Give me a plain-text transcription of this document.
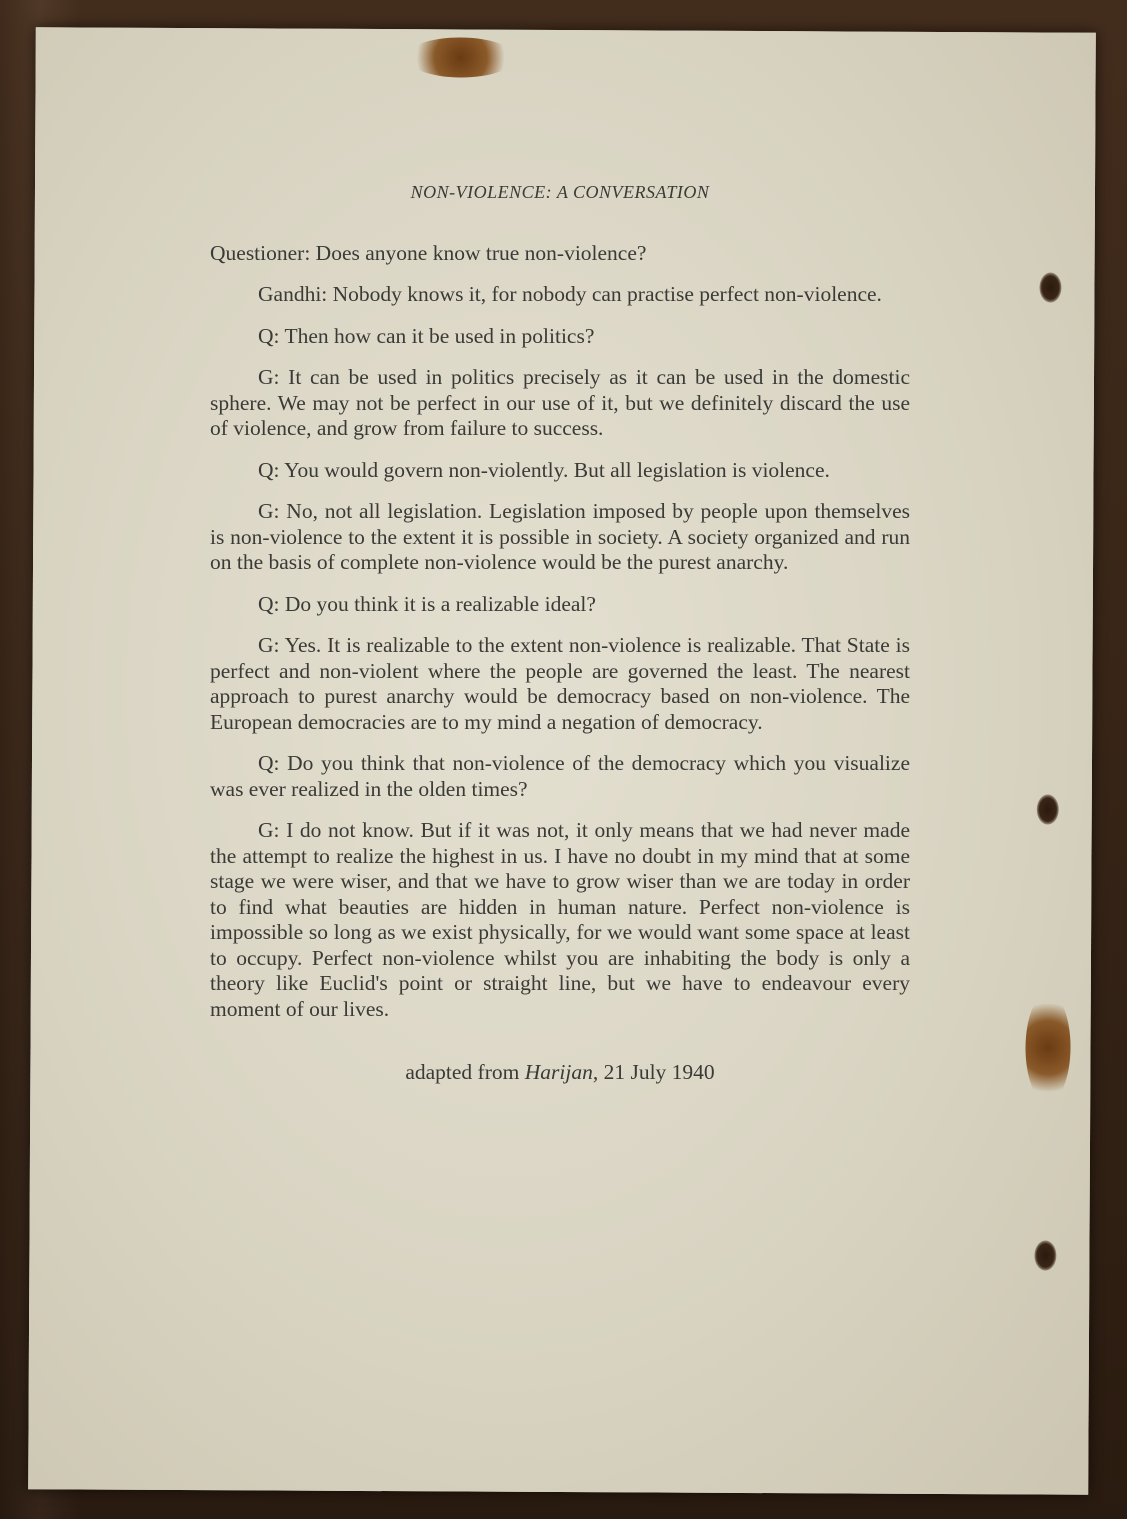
NON-VIOLENCE: A CONVERSATION

Questioner: Does anyone know true non-violence?

Gandhi: Nobody knows it, for nobody can practise perfect non-violence.

Q: Then how can it be used in politics?

G: It can be used in politics precisely as it can be used in the domestic sphere. We may not be perfect in our use of it, but we definitely discard the use of violence, and grow from failure to success.

Q: You would govern non-violently. But all legislation is violence.

G: No, not all legislation. Legislation imposed by people upon themselves is non-violence to the extent it is possible in society. A society organized and run on the basis of complete non-violence would be the purest anarchy.

Q: Do you think it is a realizable ideal?

G: Yes. It is realizable to the extent non-violence is realizable. That State is perfect and non-violent where the people are governed the least. The nearest approach to purest anarchy would be democracy based on non-violence. The European democracies are to my mind a negation of democracy.

Q: Do you think that non-violence of the democracy which you visualize was ever realized in the olden times?

G: I do not know. But if it was not, it only means that we had never made the attempt to realize the highest in us. I have no doubt in my mind that at some stage we were wiser, and that we have to grow wiser than we are today in order to find what beauties are hidden in human nature. Perfect non-violence is impossible so long as we exist physically, for we would want some space at least to occupy. Perfect non-violence whilst you are inhabiting the body is only a theory like Euclid's point or straight line, but we have to endeavour every moment of our lives.

adapted from Harijan, 21 July 1940
